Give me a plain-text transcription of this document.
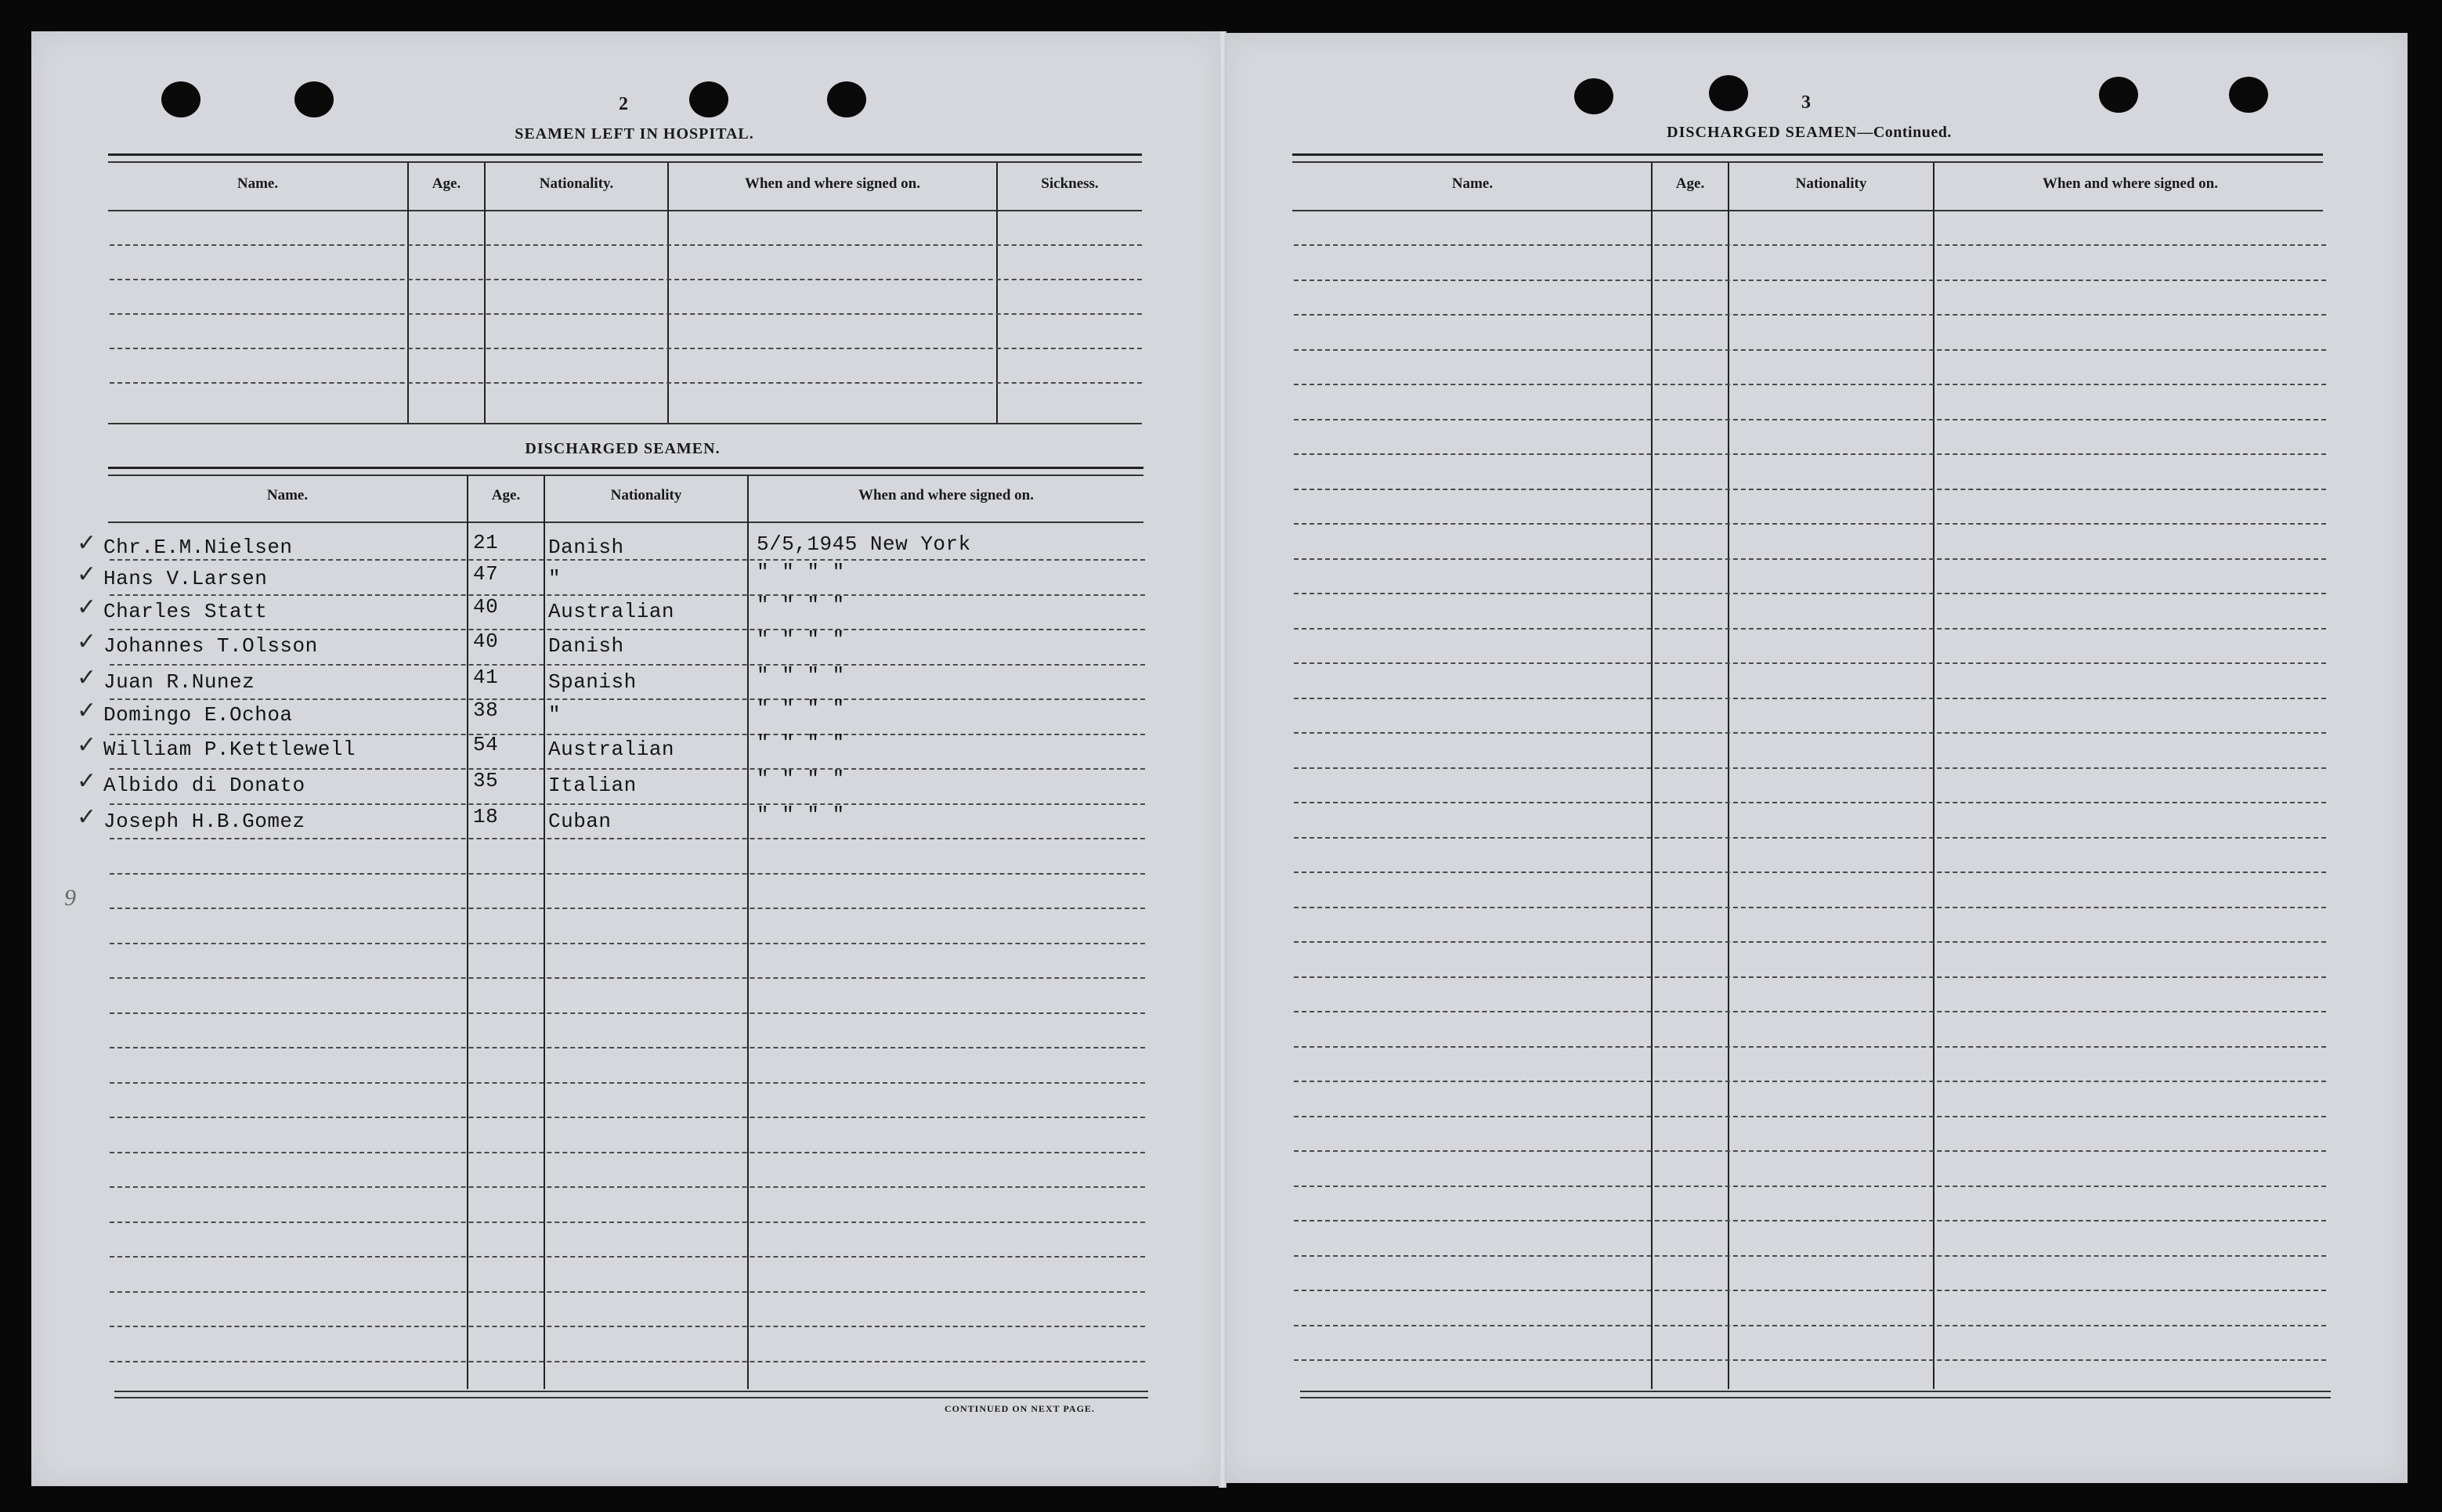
2
SEAMEN LEFT IN HOSPITAL.
Name.	Age.	Nationality.	When and where signed on.	Sickness.
DISCHARGED SEAMEN.
Name.	Age.	Nationality	When and where signed on.
✓ Chr.E.M.Nielsen	21 Danish	5/5,1945 New York
✓ Hans V.Larsen	47 "	" " " "
✓ Charles Statt	40 Australian	" " " "
✓ Johannes T.Olsson	40 Danish	" " " "
✓ Juan R.Nunez	41 Spanish	" " " "
✓ Domingo E.Ochoa	38 "	" " " "
✓ William P.Kettlewell	54 Australian	" " " "
✓ Albido di Donato	35 Italian	" " " "
✓ Joseph H.B.Gomez	18 Cuban	" " " "
9
CONTINUED ON NEXT PAGE.
3
DISCHARGED SEAMEN—Continued.
Name.	Age.	Nationality	When and where signed on.
